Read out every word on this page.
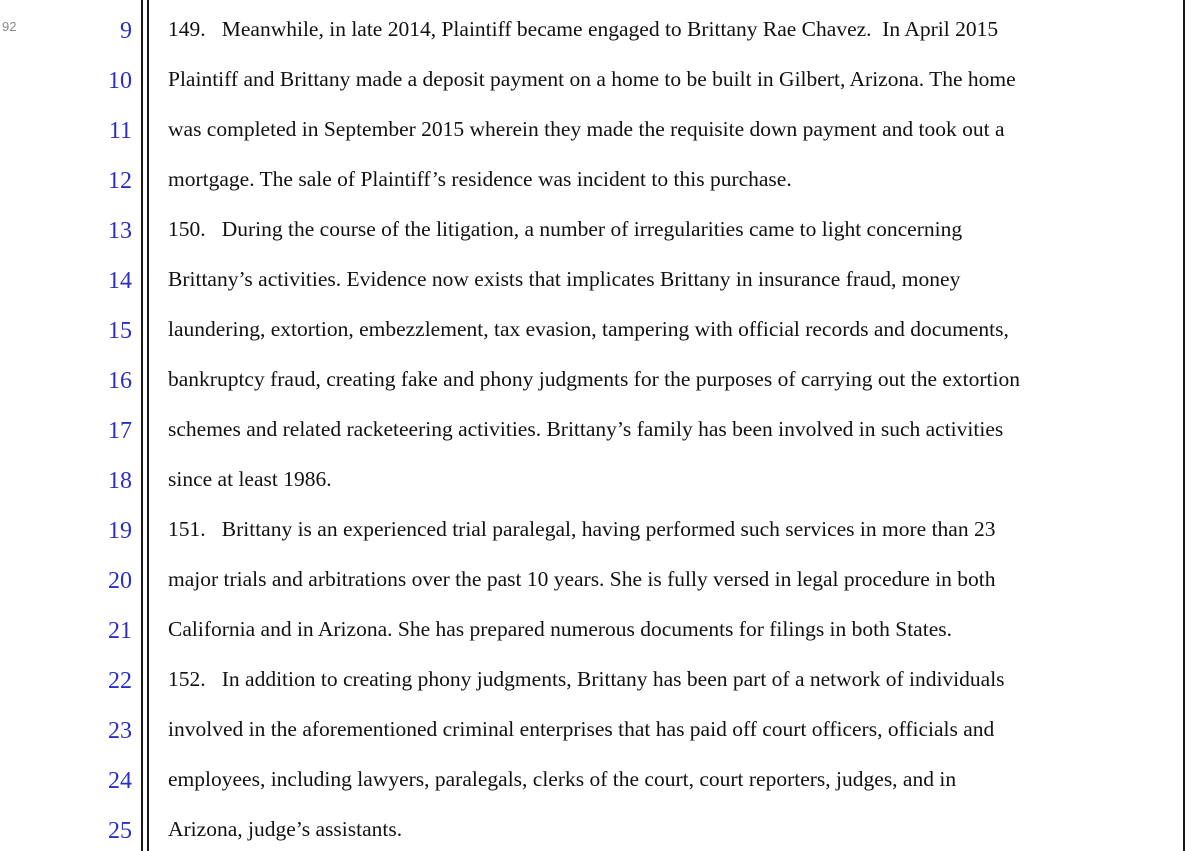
92	9
10
11
12
13
14
15
16
17
18
19
20
21
22
23
24
25
149.   Meanwhile, in late 2014, Plaintiff became engaged to Brittany Rae Chavez.  In April 2015
Plaintiff and Brittany made a deposit payment on a home to be built in Gilbert, Arizona. The home
was completed in September 2015 wherein they made the requisite down payment and took out a
mortgage. The sale of Plaintiff’s residence was incident to this purchase.
150.   During the course of the litigation, a number of irregularities came to light concerning
Brittany’s activities. Evidence now exists that implicates Brittany in insurance fraud, money
laundering, extortion, embezzlement, tax evasion, tampering with official records and documents,
bankruptcy fraud, creating fake and phony judgments for the purposes of carrying out the extortion
schemes and related racketeering activities. Brittany’s family has been involved in such activities
since at least 1986.
151.   Brittany is an experienced trial paralegal, having performed such services in more than 23
major trials and arbitrations over the past 10 years. She is fully versed in legal procedure in both
California and in Arizona. She has prepared numerous documents for filings in both States.
152.   In addition to creating phony judgments, Brittany has been part of a network of individuals
involved in the aforementioned criminal enterprises that has paid off court officers, officials and
employees, including lawyers, paralegals, clerks of the court, court reporters, judges, and in
Arizona, judge’s assistants.
